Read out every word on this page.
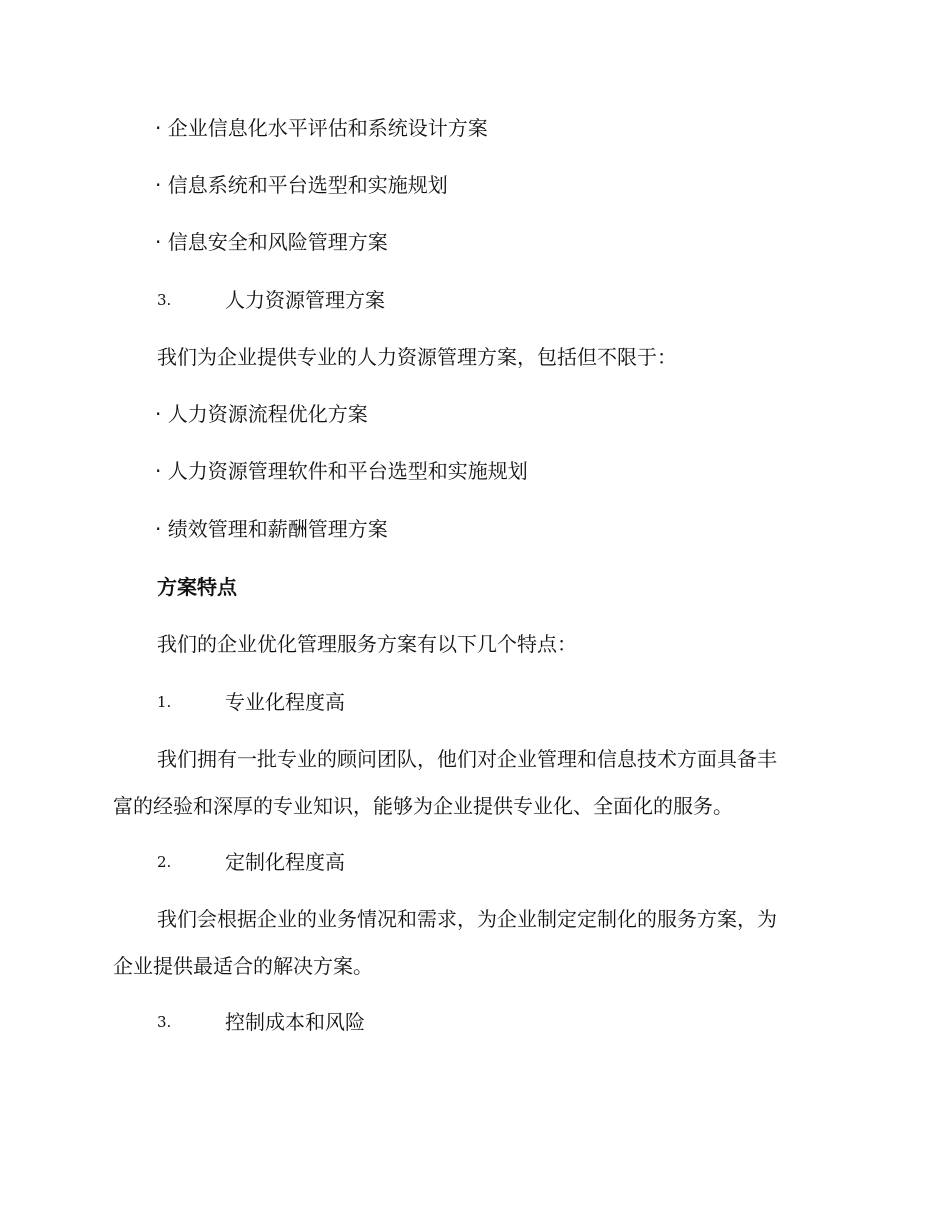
· 企业信息化水平评估和系统设计方案
· 信息系统和平台选型和实施规划
· 信息安全和风险管理方案
3.	人力资源管理方案
我们为企业提供专业的人力资源管理方案，包括但不限于：
· 人力资源流程优化方案
· 人力资源管理软件和平台选型和实施规划
· 绩效管理和薪酬管理方案
方案特点
我们的企业优化管理服务方案有以下几个特点：
1.	专业化程度高
我们拥有一批专业的顾问团队，他们对企业管理和信息技术方面具备丰
富的经验和深厚的专业知识，能够为企业提供专业化、全面化的服务。
2.	定制化程度高
我们会根据企业的业务情况和需求，为企业制定定制化的服务方案，为
企业提供最适合的解决方案。
3.	控制成本和风险
